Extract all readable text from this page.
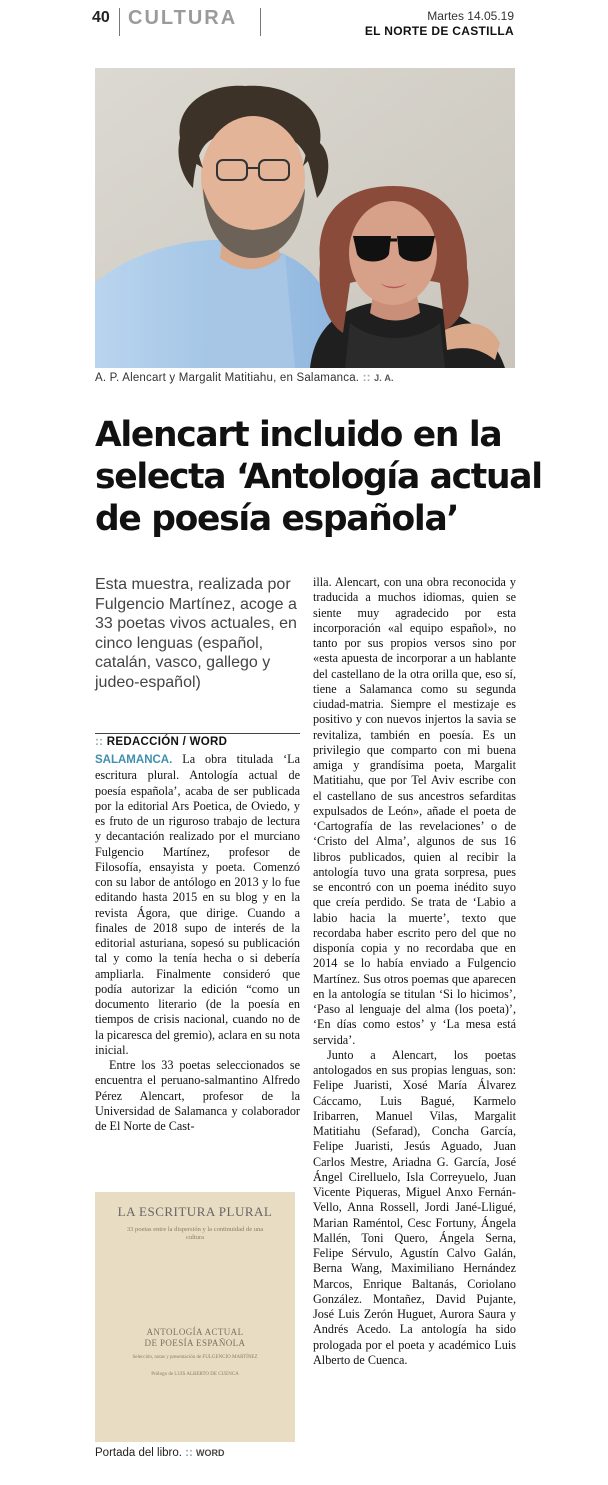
40 CULTURA	Martes 14.05.19
EL NORTE DE CASTILLA
A. P. Alencart y Margalit Matitiahu, en Salamanca. :: J. A.
Alencart incluido en la
selecta ‘Antología actual
de poesía española’
Esta muestra, realizada por Fulgencio Martínez, acoge a 33 poetas vivos actuales, en cinco lenguas (español, catalán, vasco, gallego y judeo-español)
:: REDACCIÓN / WORD

SALAMANCA. La obra titulada ‘La escritura plural. Antología actual de poesía española’, acaba de ser publicada por la editorial Ars Poetica, de Oviedo, y es fruto de un riguroso trabajo de lectura y decantación realizado por el murciano Fulgencio Martínez, profesor de Filosofía, ensayista y poeta. Comenzó con su labor de antólogo en 2013 y lo fue editando hasta 2015 en su blog y en la revista Ágora, que dirige. Cuando a finales de 2018 supo de interés de la editorial asturiana, sopesó su publicación tal y como la tenía hecha o si debería ampliarla. Finalmente consideró que podía autorizar la edición “como un documento literario (de la poesía en tiempos de crisis nacional, cuando no de la picaresca del gremio), aclara en su nota inicial.

Entre los 33 poetas seleccionados se encuentra el peruano-salmantino Alfredo Pérez Alencart, profesor de la Universidad de Salamanca y colaborador de El Norte de Cast-

LA ESCRITURA PLURAL
33 poetas entre la dispersión y la continuidad de una cultura
ANTOLOGÍA ACTUAL
DE POESÍA ESPAÑOLA
Selección, notas y presentación de FULGENCIO MARTÍNEZ
Prólogo de LUIS ALBERTO DE CUENCA
Portada del libro. :: WORD

illa. Alencart, con una obra reconocida y traducida a muchos idiomas, quien se siente muy agradecido por esta incorporación «al equipo español», no tanto por sus propios versos sino por «esta apuesta de incorporar a un hablante del castellano de la otra orilla que, eso sí, tiene a Salamanca como su segunda ciudad-matria. Siempre el mestizaje es positivo y con nuevos injertos la savia se revitaliza, también en poesía. Es un privilegio que comparto con mi buena amiga y grandísima poeta, Margalit Matitiahu, que por Tel Aviv escribe con el castellano de sus ancestros sefarditas expulsados de León», añade el poeta de ‘Cartografía de las revelaciones’ o de ‘Cristo del Alma’, algunos de sus 16 libros publicados, quien al recibir la antología tuvo una grata sorpresa, pues se encontró con un poema inédito suyo que creía perdido. Se trata de ‘Labio a labio hacia la muerte’, texto que recordaba haber escrito pero del que no disponía copia y no recordaba que en 2014 se lo había enviado a Fulgencio Martínez. Sus otros poemas que aparecen en la antología se titulan ‘Si lo hicimos’, ‘Paso al lenguaje del alma (los poeta)’, ‘En días como estos’ y ‘La mesa está servida’.

Junto a Alencart, los poetas antologados en sus propias lenguas, son: Felipe Juaristi, Xosé María Álvarez Cáccamo, Luis Bagué, Karmelo Iribarren, Manuel Vilas, Margalit Matitiahu (Sefarad), Concha García, Felipe Juaristi, Jesús Aguado, Juan Carlos Mestre, Ariadna G. García, José Ángel Cirelluelo, Isla Correyuelo, Juan Vicente Piqueras, Miguel Anxo Fernán-Vello, Anna Rossell, Jordi Jané-Lligué, Marian Raméntol, Cesc Fortuny, Ángela Mallén, Toni Quero, Ángela Serna, Felipe Sérvulo, Agustín Calvo Galán, Berna Wang, Maximiliano Hernández Marcos, Enrique Baltanás, Coriolano González. Montañez, David Pujante, José Luis Zerón Huguet, Aurora Saura y Andrés Acedo. La antología ha sido prologada por el poeta y académico Luis Alberto de Cuenca.
